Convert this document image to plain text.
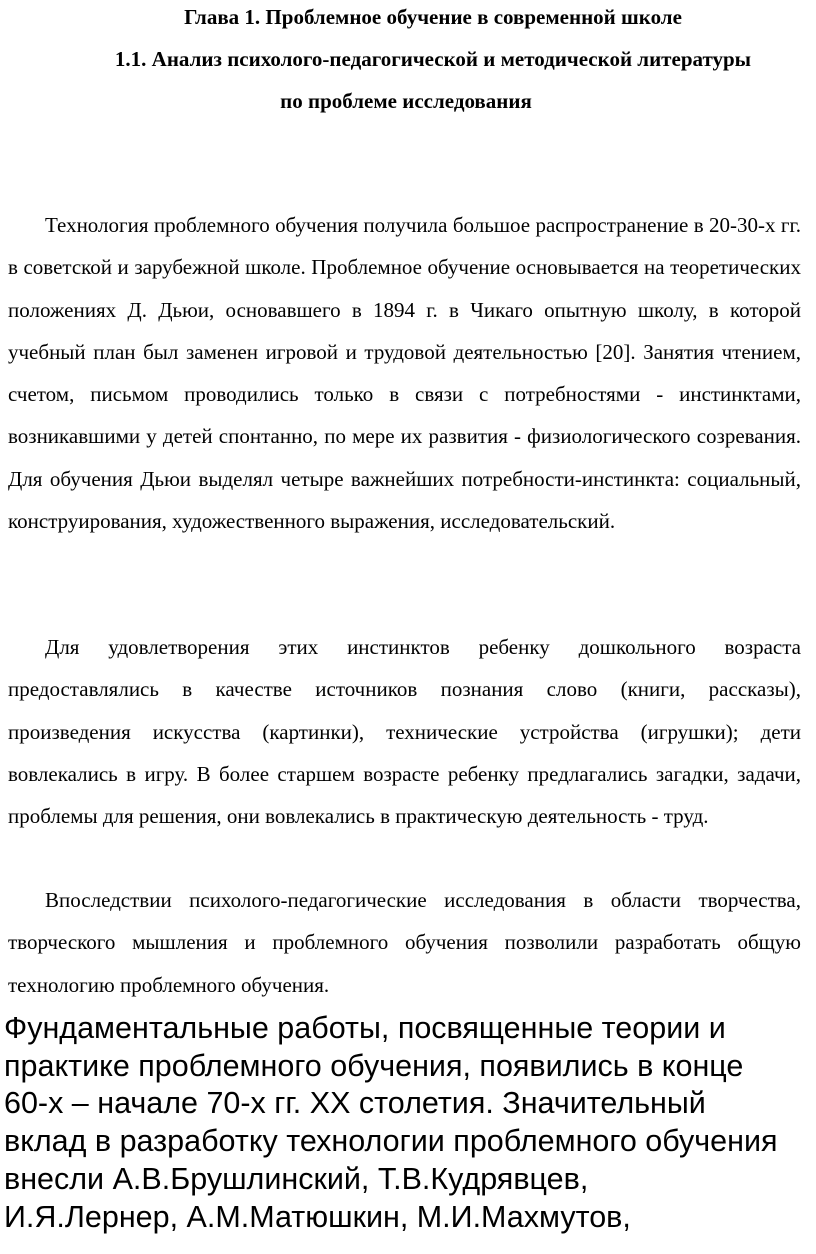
Глава 1. Проблемное обучение в современной школе
1.1. Анализ психолого-педагогической и методической литературы
по проблеме исследования

Технология проблемного обучения получила большое распространение в 20-30-х гг. в советской и зарубежной школе. Проблемное обучение основывается на теоретических положениях Д. Дьюи, основавшего в 1894 г. в Чикаго опытную школу, в которой учебный план был заменен игровой и трудовой деятельностью [20]. Занятия чтением, счетом, письмом проводились только в связи с потребностями - инстинктами, возникавшими у детей спонтанно, по мере их развития - физиологического созревания. Для обучения Дьюи выделял четыре важнейших потребности-инстинкта: социальный, конструирования, художественного выражения, исследовательский.

Для удовлетворения этих инстинктов ребенку дошкольного возраста предоставлялись в качестве источников познания слово (книги, рассказы), произведения искусства (картинки), технические устройства (игрушки); дети вовлекались в игру. В более старшем возрасте ребенку предлагались загадки, задачи, проблемы для решения, они вовлекались в практическую деятельность - труд.

Впоследствии психолого-педагогические исследования в области творчества, творческого мышления и проблемного обучения позволили разработать общую технологию проблемного обучения.

Фундаментальные работы, посвященные теории и
практике проблемного обучения, появились в конце
60-х – начале 70-х гг. XX столетия. Значительный
вклад в разработку технологии проблемного обучения
внесли А.В.Брушлинский, Т.В.Кудрявцев,
И.Я.Лернер, А.М.Матюшкин, М.И.Махмутов,
